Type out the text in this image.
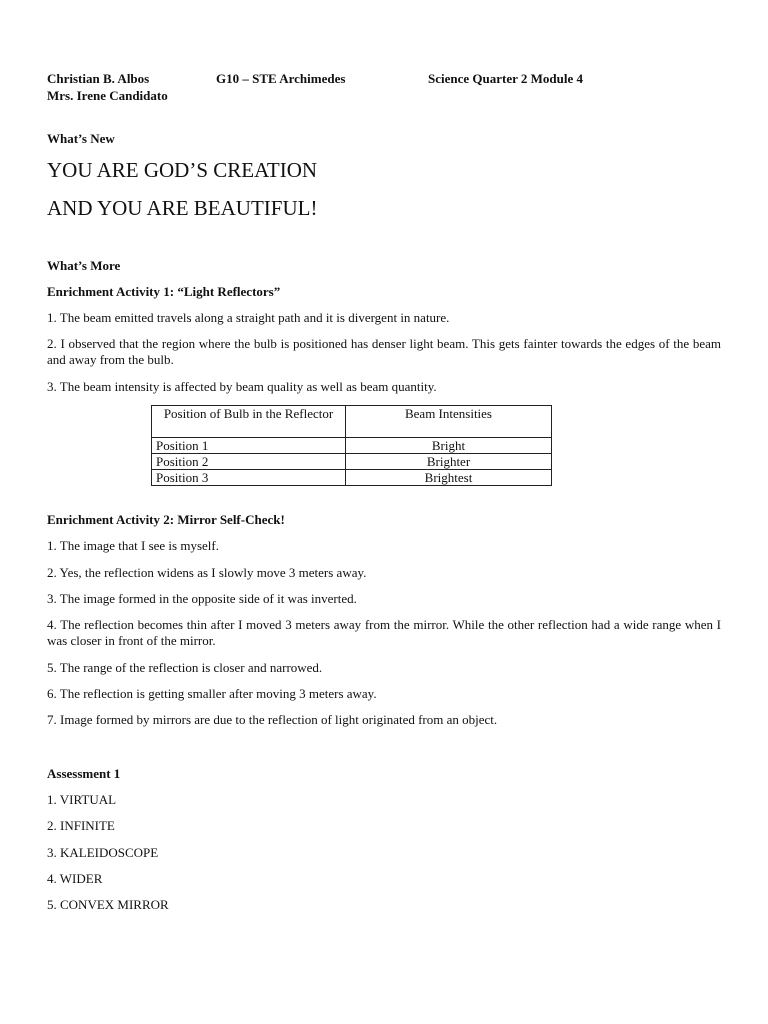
Christian B. Albos	G10 – STE Archimedes	Science Quarter 2 Module 4
Mrs. Irene Candidato
What’s New
YOU ARE GOD’S CREATION
AND YOU ARE BEAUTIFUL!
What’s More
Enrichment Activity 1: “Light Reflectors”
1. The beam emitted travels along a straight path and it is divergent in nature.
2. I observed that the region where the bulb is positioned has denser light beam. This gets fainter towards the edges of the beam and away from the bulb.
3. The beam intensity is affected by beam quality as well as beam quantity.
Position of Bulb in the Reflector	Beam Intensities
Position 1	Bright
Position 2	Brighter
Position 3	Brightest
Enrichment Activity 2: Mirror Self-Check!
1. The image that I see is myself.
2. Yes, the reflection widens as I slowly move 3 meters away.
3. The image formed in the opposite side of it was inverted.
4. The reflection becomes thin after I moved 3 meters away from the mirror. While the other reflection had a wide range when I was closer in front of the mirror.
5. The range of the reflection is closer and narrowed.
6. The reflection is getting smaller after moving 3 meters away.
7. Image formed by mirrors are due to the reflection of light originated from an object.
Assessment 1
1. VIRTUAL
2. INFINITE
3. KALEIDOSCOPE
4. WIDER
5. CONVEX MIRROR
